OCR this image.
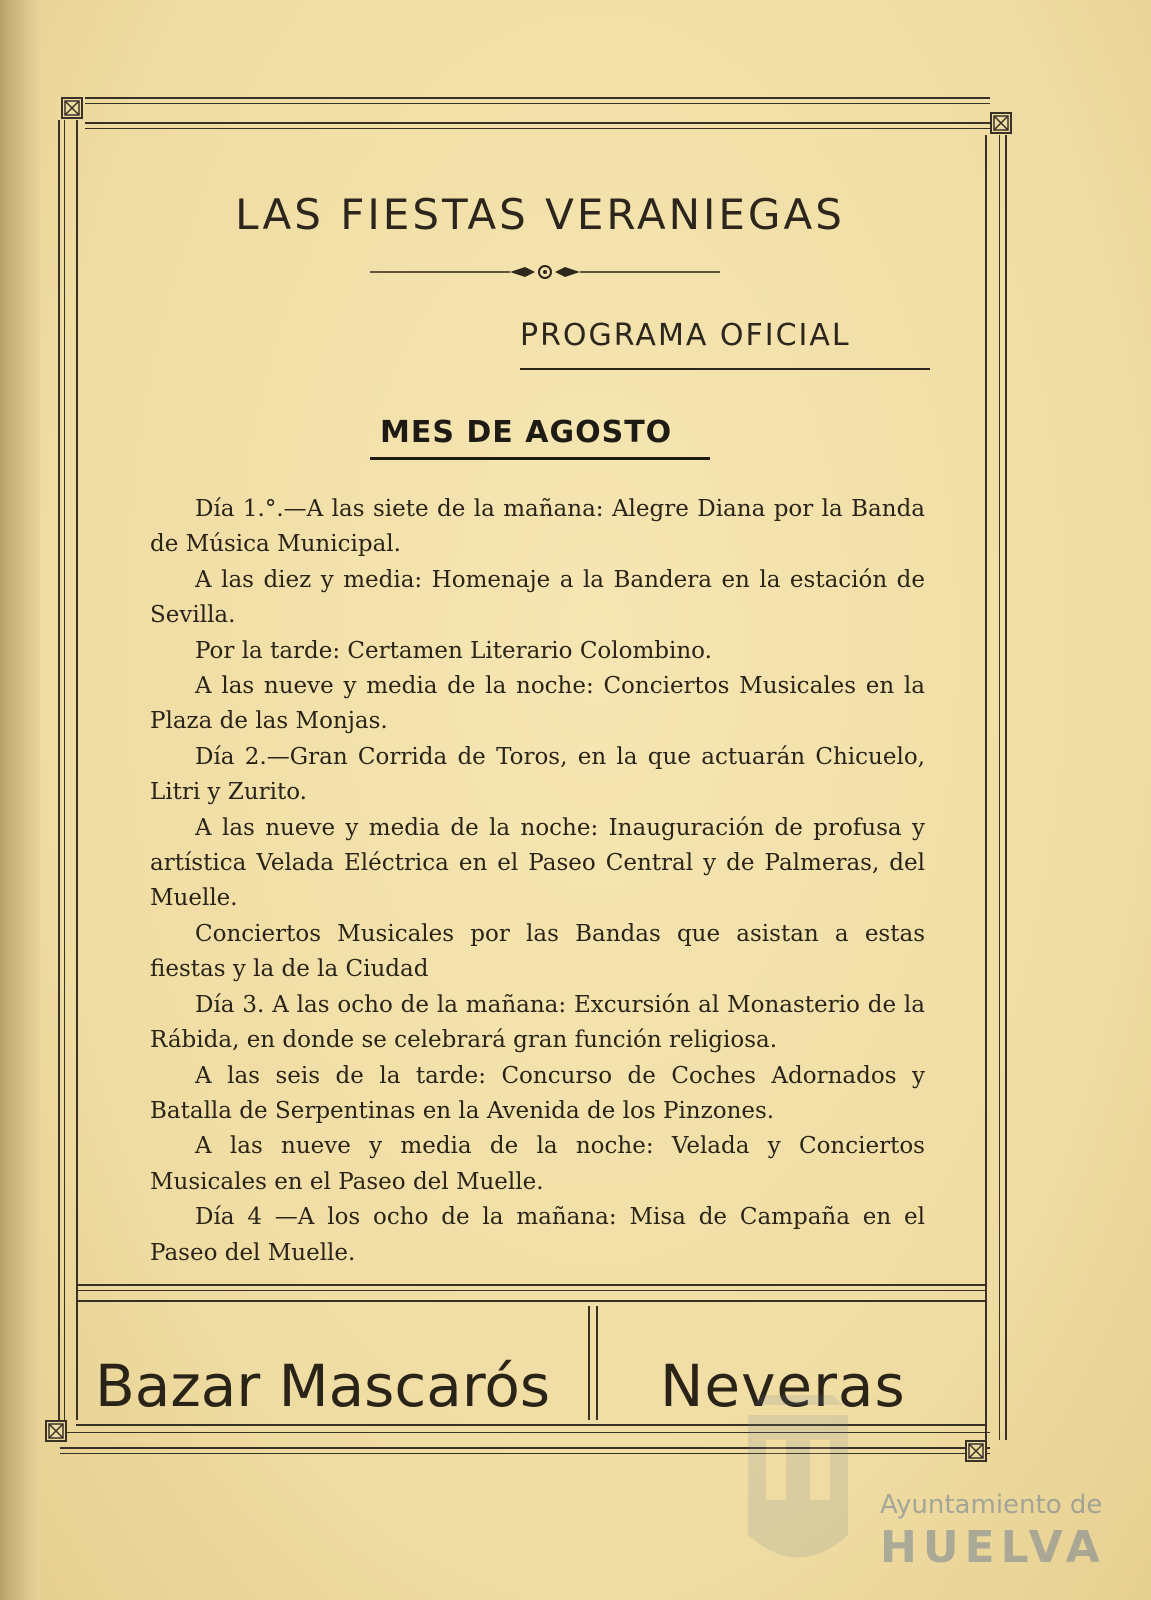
LAS FIESTAS VERANIEGAS
PROGRAMA OFICIAL
MES DE AGOSTO

Día 1.°.—A las siete de la mañana: Alegre Diana por la Banda de Música Municipal.

A las diez y media: Homenaje a la Bandera en la estación de Sevilla.

Por la tarde: Certamen Literario Colombino.

A las nueve y media de la noche: Conciertos Musicales en la Plaza de las Monjas.

Día 2.—Gran Corrida de Toros, en la que actuarán Chicuelo, Litri y Zurito.

A las nueve y media de la noche: Inauguración de profusa y artística Velada Eléctrica en el Paseo Central y de Palmeras, del Muelle.

Conciertos Musicales por las Bandas que asistan a estas fiestas y la de la Ciudad

Día 3. A las ocho de la mañana: Excursión al Monasterio de la Rábida, en donde se celebrará gran función religiosa.

A las seis de la tarde: Concurso de Coches Adornados y Batalla de Serpentinas en la Avenida de los Pinzones.

A las nueve y media de la noche: Velada y Conciertos Musicales en el Paseo del Muelle.

Día 4 —A los ocho de la mañana: Misa de Campaña en el Paseo del Muelle.

Bazar Mascarós Neveras
Ayuntamiento de
HUELVA
